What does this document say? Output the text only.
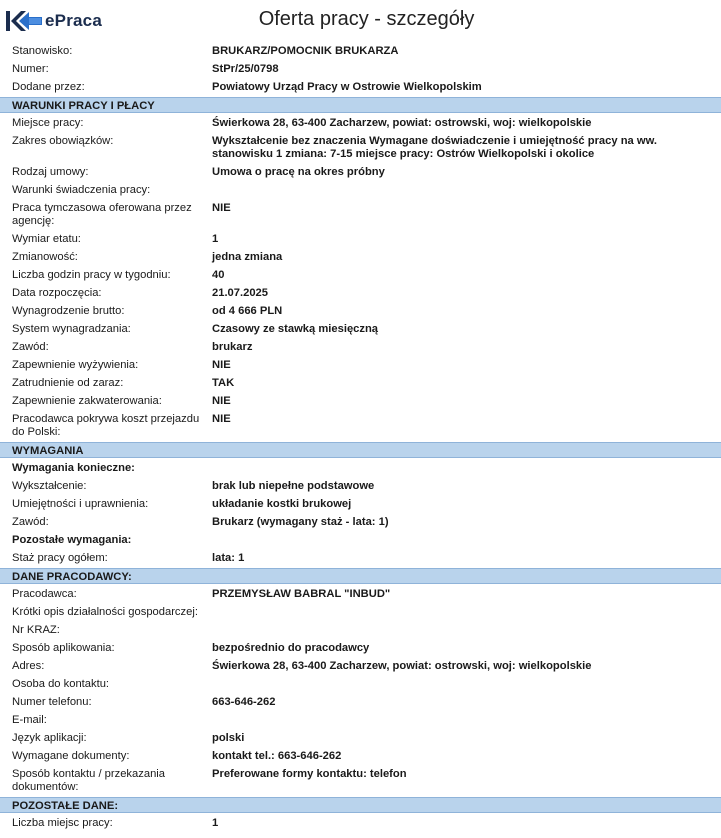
ePraca	Oferta pracy - szczegóły
Stanowisko:	BRUKARZ/POMOCNIK BRUKARZA
Numer:	StPr/25/0798
Dodane przez:	Powiatowy Urząd Pracy w Ostrowie Wielkopolskim
WARUNKI PRACY I PŁACY
Miejsce pracy:	Świerkowa 28, 63-400 Zacharzew, powiat: ostrowski, woj: wielkopolskie
Zakres obowiązków:	Wykształcenie bez znaczenia Wymagane doświadczenie i umiejętność pracy na ww. stanowisku 1 zmiana: 7-15 miejsce pracy: Ostrów Wielkopolski i okolice
Rodzaj umowy:	Umowa o pracę na okres próbny
Warunki świadczenia pracy:
Praca tymczasowa oferowana przez agencję:
NIE
Wymiar etatu:	1
Zmianowość:	jedna zmiana
Liczba godzin pracy w tygodniu:	40
Data rozpoczęcia:	21.07.2025
Wynagrodzenie brutto:	od 4 666 PLN
System wynagradzania:	Czasowy ze stawką miesięczną
Zawód:	brukarz
Zapewnienie wyżywienia:	NIE
Zatrudnienie od zaraz:	TAK
Zapewnienie zakwaterowania:	NIE
Pracodawca pokrywa koszt przejazdu do Polski:
NIE
WYMAGANIA
Wymagania konieczne:
Wykształcenie:	brak lub niepełne podstawowe
Umiejętności i uprawnienia:	układanie kostki brukowej
Zawód:	Brukarz (wymagany staż - lata: 1)
Pozostałe wymagania:
Staż pracy ogółem:	lata: 1
DANE PRACODAWCY:
Pracodawca:	PRZEMYSŁAW BABRAL "INBUD"
Krótki opis działalności gospodarczej:
Nr KRAZ:
Sposób aplikowania:	bezpośrednio do pracodawcy
Adres:	Świerkowa 28, 63-400 Zacharzew, powiat: ostrowski, woj: wielkopolskie
Osoba do kontaktu:
Numer telefonu:	663-646-262
E-mail:
Język aplikacji:	polski
Wymagane dokumenty:	kontakt tel.: 663-646-262
Sposób kontaktu / przekazania dokumentów:
Preferowane formy kontaktu: telefon
POZOSTAŁE DANE:
Liczba miejsc pracy:	1
